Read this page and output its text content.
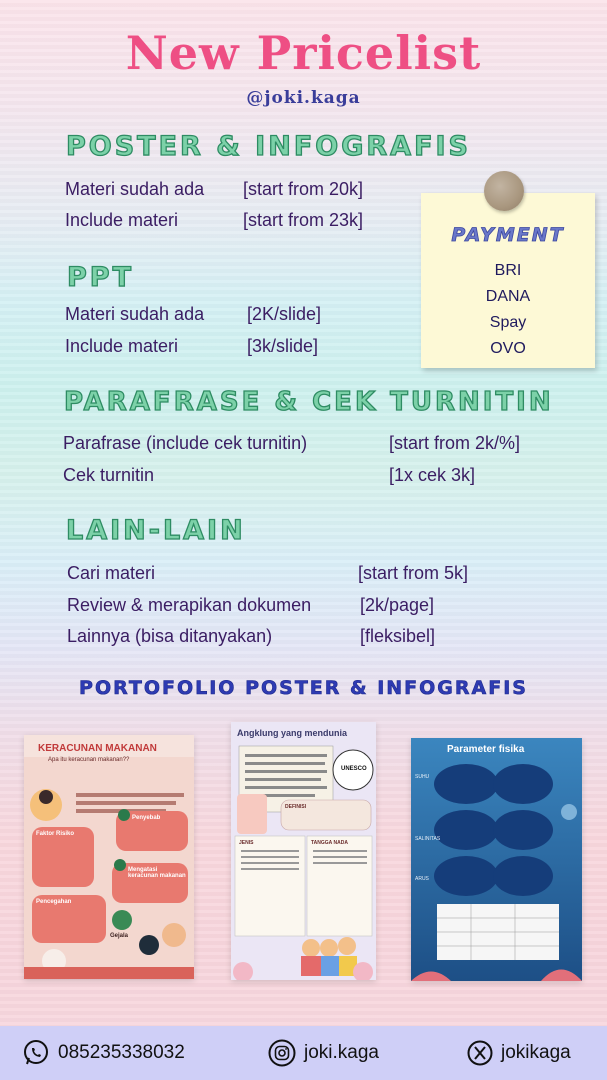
New Pricelist
@joki.kaga
POSTER & INFOGRAFIS
Materi sudah ada [start from 20k]
Include materi	[start from 23k]
PPT
Materi sudah ada [2K/slide]
Include materi	[3k/slide]
PARAFRASE & CEK TURNITIN
Parafrase (include cek turnitin)	[start from 2k/%]
Cek turnitin	[1x cek 3k]
LAIN-LAIN
Cari materi	[start from 5k]
Review & merapikan dokumen	[2k/page]
Lainnya (bisa ditanyakan)	[fleksibel]
PAYMENT
BRI
DANA
Spay
OVO
PORTOFOLIO POSTER & INFOGRAFIS
KERACUNAN MAKANAN
Apa itu keracunan makanan??
Faktor Risiko
Penyebab
Mengatasi keracunan makanan
Pencegahan
Gejala
Angklung yang mendunia
UNESCO
DEFINISI
JENIS	TANGGA NADA
Parameter fisika
SUHU
SALINITAS
ARUS
085235338032	joki.kaga	jokikaga
